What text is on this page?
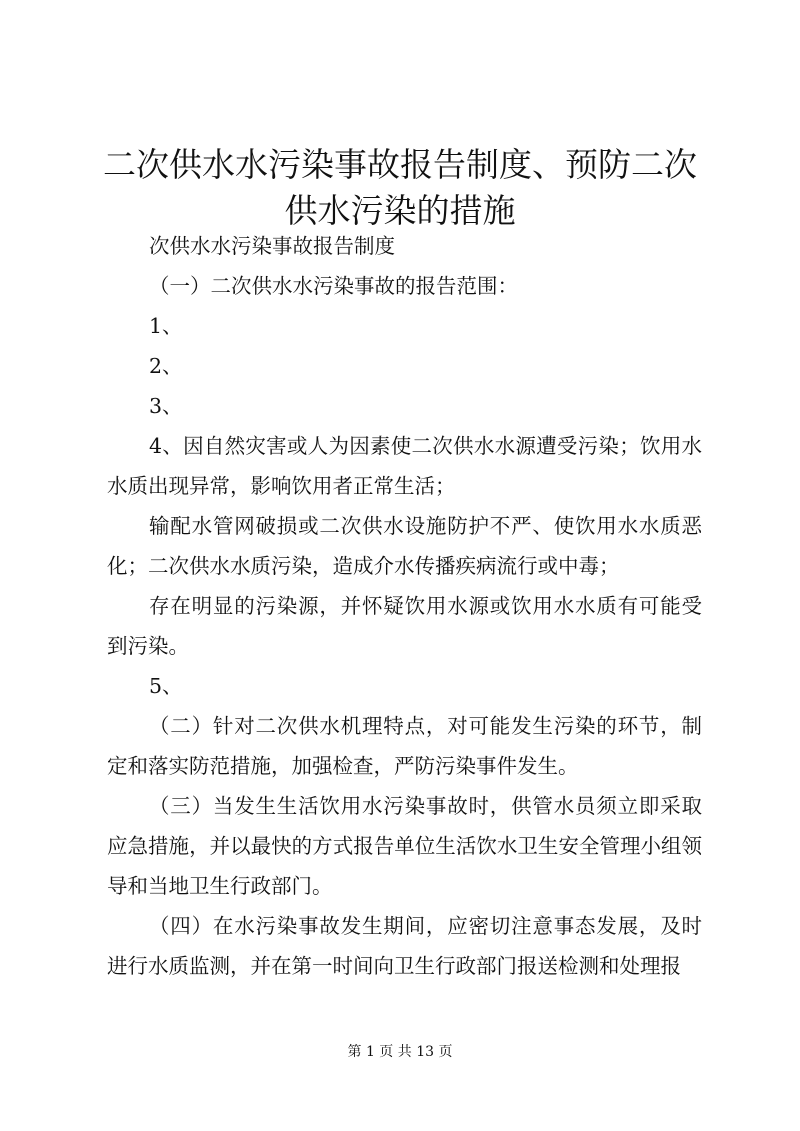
二次供水水污染事故报告制度、预防二次供水污染的措施

次供水水污染事故报告制度

（一）二次供水水污染事故的报告范围：

1、

2、

3、

4、因自然灾害或人为因素使二次供水水源遭受污染；饮用水水质出现异常，影响饮用者正常生活；

输配水管网破损或二次供水设施防护不严、使饮用水水质恶化；二次供水水质污染，造成介水传播疾病流行或中毒；

存在明显的污染源，并怀疑饮用水源或饮用水水质有可能受到污染。

5、

（二）针对二次供水机理特点，对可能发生污染的环节，制定和落实防范措施，加强检查，严防污染事件发生。

（三）当发生生活饮用水污染事故时，供管水员须立即采取应急措施，并以最快的方式报告单位生活饮水卫生安全管理小组领导和当地卫生行政部门。

（四）在水污染事故发生期间，应密切注意事态发展，及时进行水质监测，并在第一时间向卫生行政部门报送检测和处理报

第 1 页 共 13 页
